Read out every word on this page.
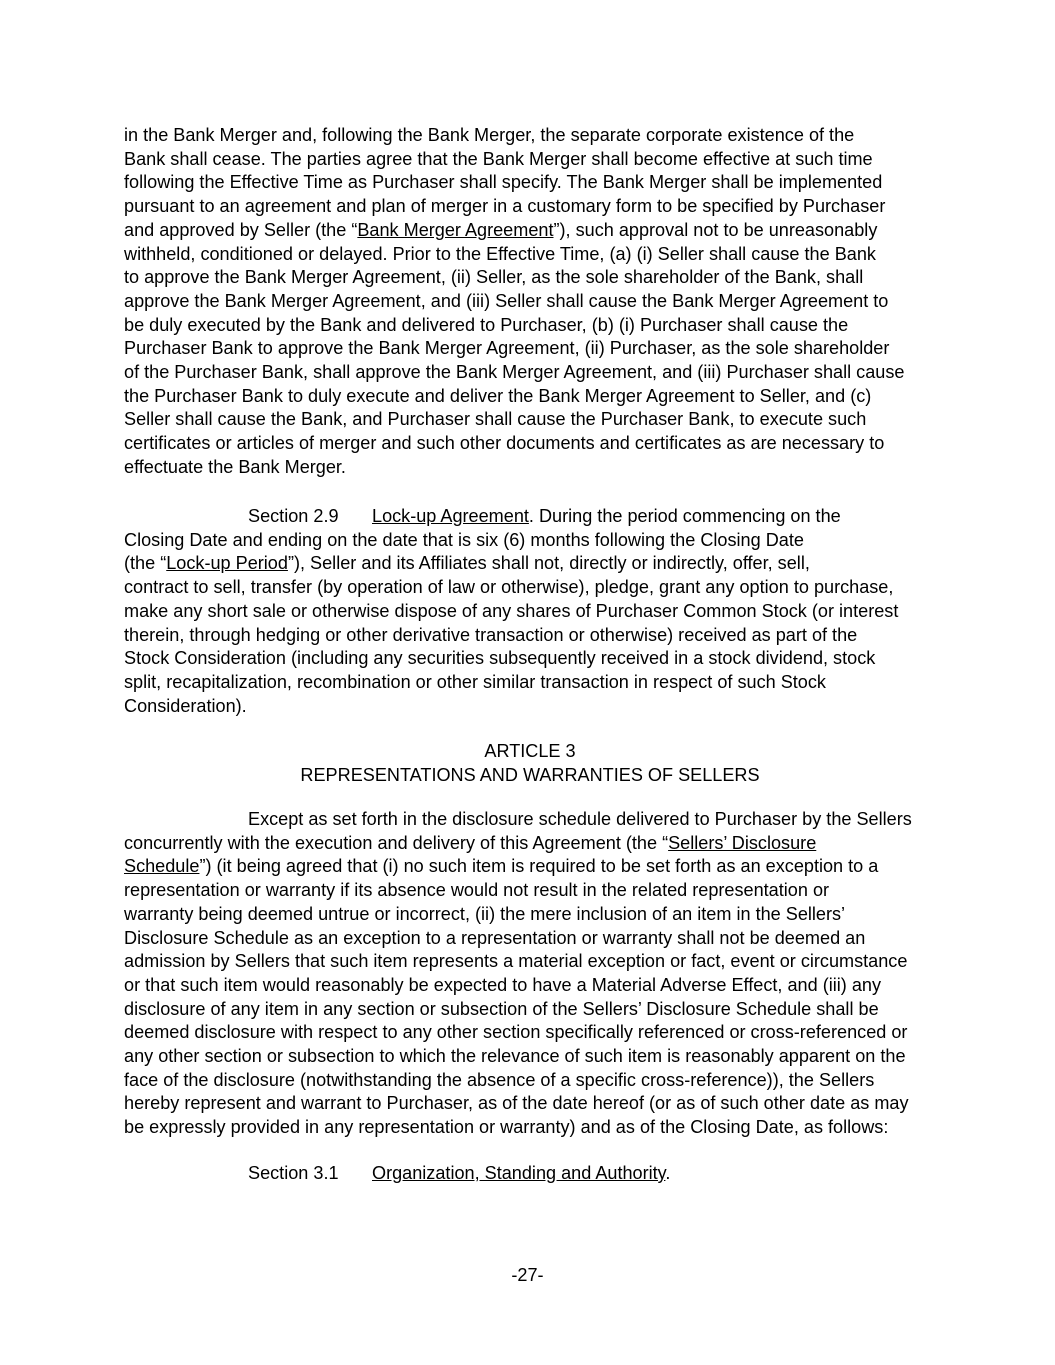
in the Bank Merger and, following the Bank Merger, the separate corporate existence of the
Bank shall cease. The parties agree that the Bank Merger shall become effective at such time
following the Effective Time as Purchaser shall specify. The Bank Merger shall be implemented
pursuant to an agreement and plan of merger in a customary form to be specified by Purchaser
and approved by Seller (the “Bank Merger Agreement”), such approval not to be unreasonably
withheld, conditioned or delayed. Prior to the Effective Time, (a) (i) Seller shall cause the Bank
to approve the Bank Merger Agreement, (ii) Seller, as the sole shareholder of the Bank, shall
approve the Bank Merger Agreement, and (iii) Seller shall cause the Bank Merger Agreement to
be duly executed by the Bank and delivered to Purchaser, (b) (i) Purchaser shall cause the
Purchaser Bank to approve the Bank Merger Agreement, (ii) Purchaser, as the sole shareholder
of the Purchaser Bank, shall approve the Bank Merger Agreement, and (iii) Purchaser shall cause
the Purchaser Bank to duly execute and deliver the Bank Merger Agreement to Seller, and (c)
Seller shall cause the Bank, and Purchaser shall cause the Purchaser Bank, to execute such
certificates or articles of merger and such other documents and certificates as are necessary to
effectuate the Bank Merger.
Section 2.9 Lock-up Agreement. During the period commencing on the
Closing Date and ending on the date that is six (6) months following the Closing Date
(the “Lock-up Period”), Seller and its Affiliates shall not, directly or indirectly, offer, sell,
contract to sell, transfer (by operation of law or otherwise), pledge, grant any option to purchase,
make any short sale or otherwise dispose of any shares of Purchaser Common Stock (or interest
therein, through hedging or other derivative transaction or otherwise) received as part of the
Stock Consideration (including any securities subsequently received in a stock dividend, stock
split, recapitalization, recombination or other similar transaction in respect of such Stock
Consideration).
ARTICLE 3
REPRESENTATIONS AND WARRANTIES OF SELLERS
Except as set forth in the disclosure schedule delivered to Purchaser by the Sellers
concurrently with the execution and delivery of this Agreement (the “Sellers’ Disclosure
Schedule”) (it being agreed that (i) no such item is required to be set forth as an exception to a
representation or warranty if its absence would not result in the related representation or
warranty being deemed untrue or incorrect, (ii) the mere inclusion of an item in the Sellers’
Disclosure Schedule as an exception to a representation or warranty shall not be deemed an
admission by Sellers that such item represents a material exception or fact, event or circumstance
or that such item would reasonably be expected to have a Material Adverse Effect, and (iii) any
disclosure of any item in any section or subsection of the Sellers’ Disclosure Schedule shall be
deemed disclosure with respect to any other section specifically referenced or cross-referenced or
any other section or subsection to which the relevance of such item is reasonably apparent on the
face of the disclosure (notwithstanding the absence of a specific cross-reference)), the Sellers
hereby represent and warrant to Purchaser, as of the date hereof (or as of such other date as may
be expressly provided in any representation or warranty) and as of the Closing Date, as follows:
Section 3.1 Organization, Standing and Authority.
-27-
